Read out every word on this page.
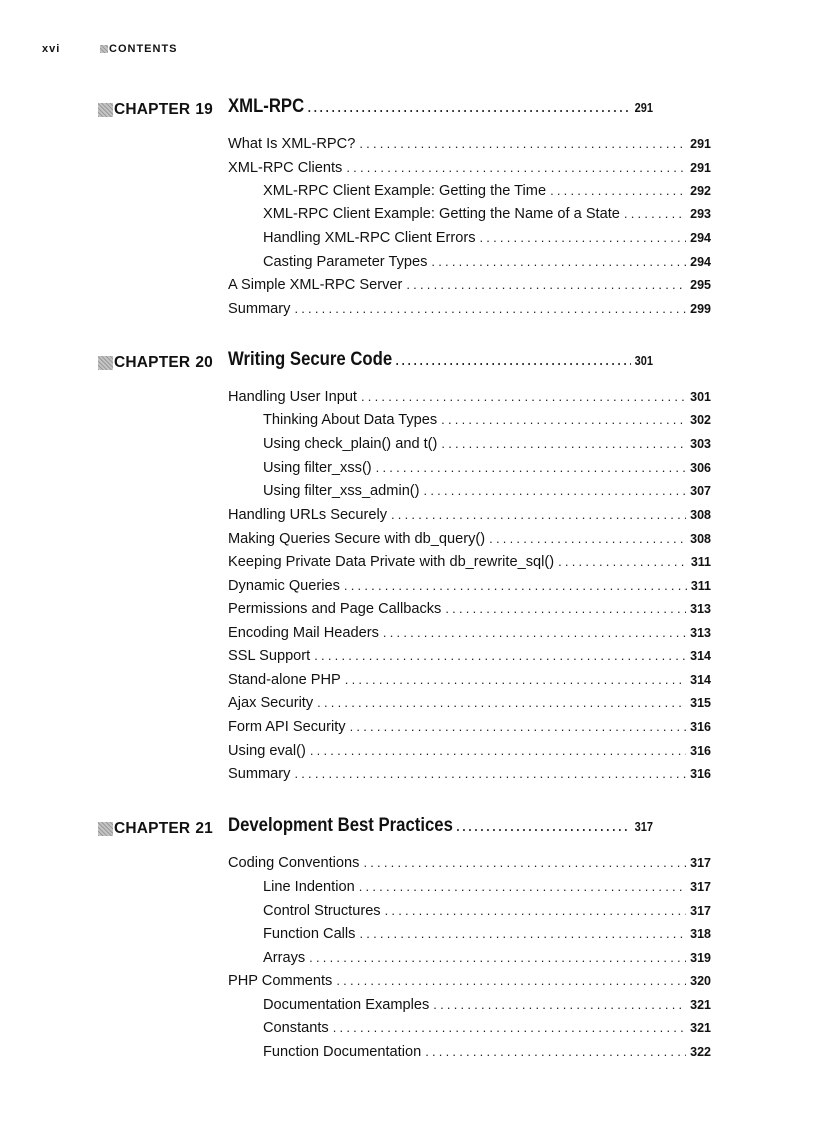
xvi	CONTENTS
CHAPTER 19 XML-RPC .....	291
What Is XML-RPC? .....	291
XML-RPC Clients .....	291
XML-RPC Client Example: Getting the Time .....	292
XML-RPC Client Example: Getting the Name of a State .....	293
Handling XML-RPC Client Errors .....	294
Casting Parameter Types .....	294
A Simple XML-RPC Server .....	295
Summary .....	299
CHAPTER 20 Writing Secure Code .....	301
Handling User Input .....	301
Thinking About Data Types .....	302
Using check_plain() and t() .....	303
Using filter_xss() .....	306
Using filter_xss_admin() .....	307
Handling URLs Securely .....	308
Making Queries Secure with db_query() .....	308
Keeping Private Data Private with db_rewrite_sql() .....	311
Dynamic Queries .....	311
Permissions and Page Callbacks .....	313
Encoding Mail Headers .....	313
SSL Support .....	314
Stand-alone PHP .....	314
Ajax Security .....	315
Form API Security .....	316
Using eval() .....	316
Summary .....	316
CHAPTER 21 Development Best Practices .....	317
Coding Conventions .....	317
Line Indention .....	317
Control Structures .....	317
Function Calls .....	318
Arrays .....	319
PHP Comments .....	320
Documentation Examples .....	321
Constants .....	321
Function Documentation .....	322
